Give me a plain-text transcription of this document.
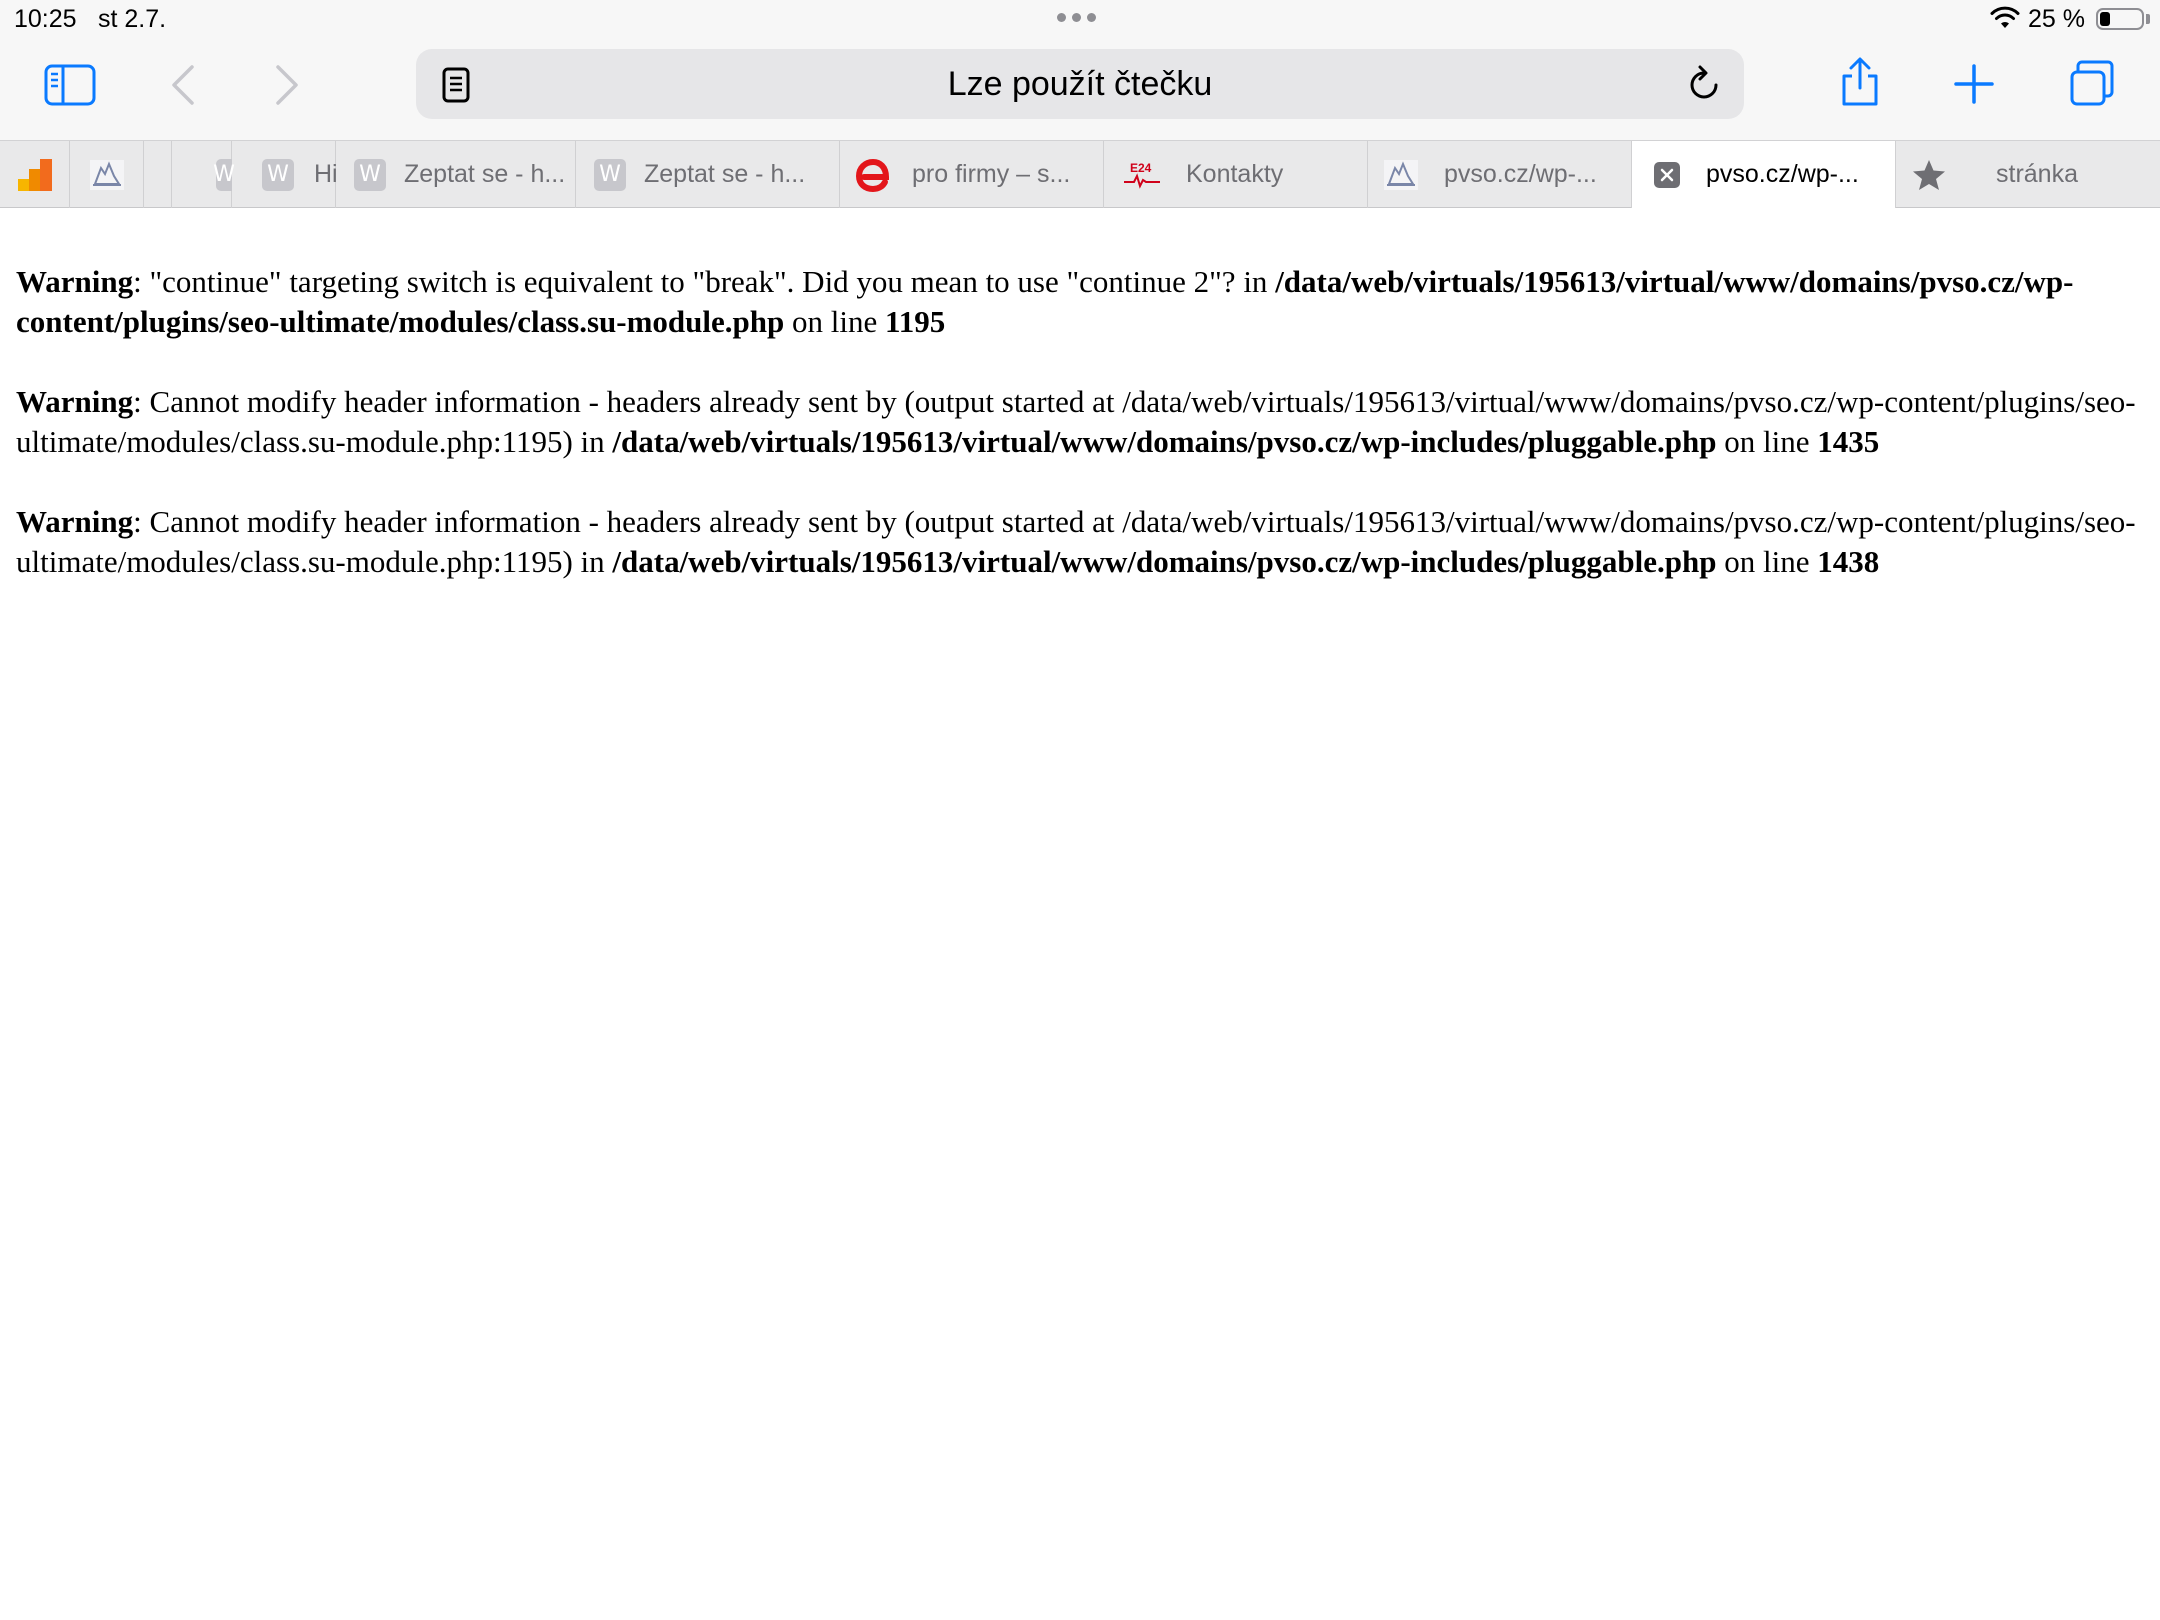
10:25 st 2.7.	25 %
Lze použít čtečku
W W Hi W Zeptat se - h... W Zeptat se - h...	pro firmy – s...	E24 Kontakty	pvso.cz/wp-...	pvso.cz/wp-...	stránka

Warning: "continue" targeting switch is equivalent to "break". Did you mean to use "continue 2"? in /data/web/virtuals/195613/virtual/www/domains/pvso.cz/wp-content/plugins/seo-ultimate/modules/class.su-module.php on line 1195

Warning: Cannot modify header information - headers already sent by (output started at /data/web/virtuals/195613/virtual/www/domains/pvso.cz/wp-content/plugins/seo-ultimate/modules/class.su-module.php:1195) in /data/web/virtuals/195613/virtual/www/domains/pvso.cz/wp-includes/pluggable.php on line 1435

Warning: Cannot modify header information - headers already sent by (output started at /data/web/virtuals/195613/virtual/www/domains/pvso.cz/wp-content/plugins/seo-ultimate/modules/class.su-module.php:1195) in /data/web/virtuals/195613/virtual/www/domains/pvso.cz/wp-includes/pluggable.php on line 1438
